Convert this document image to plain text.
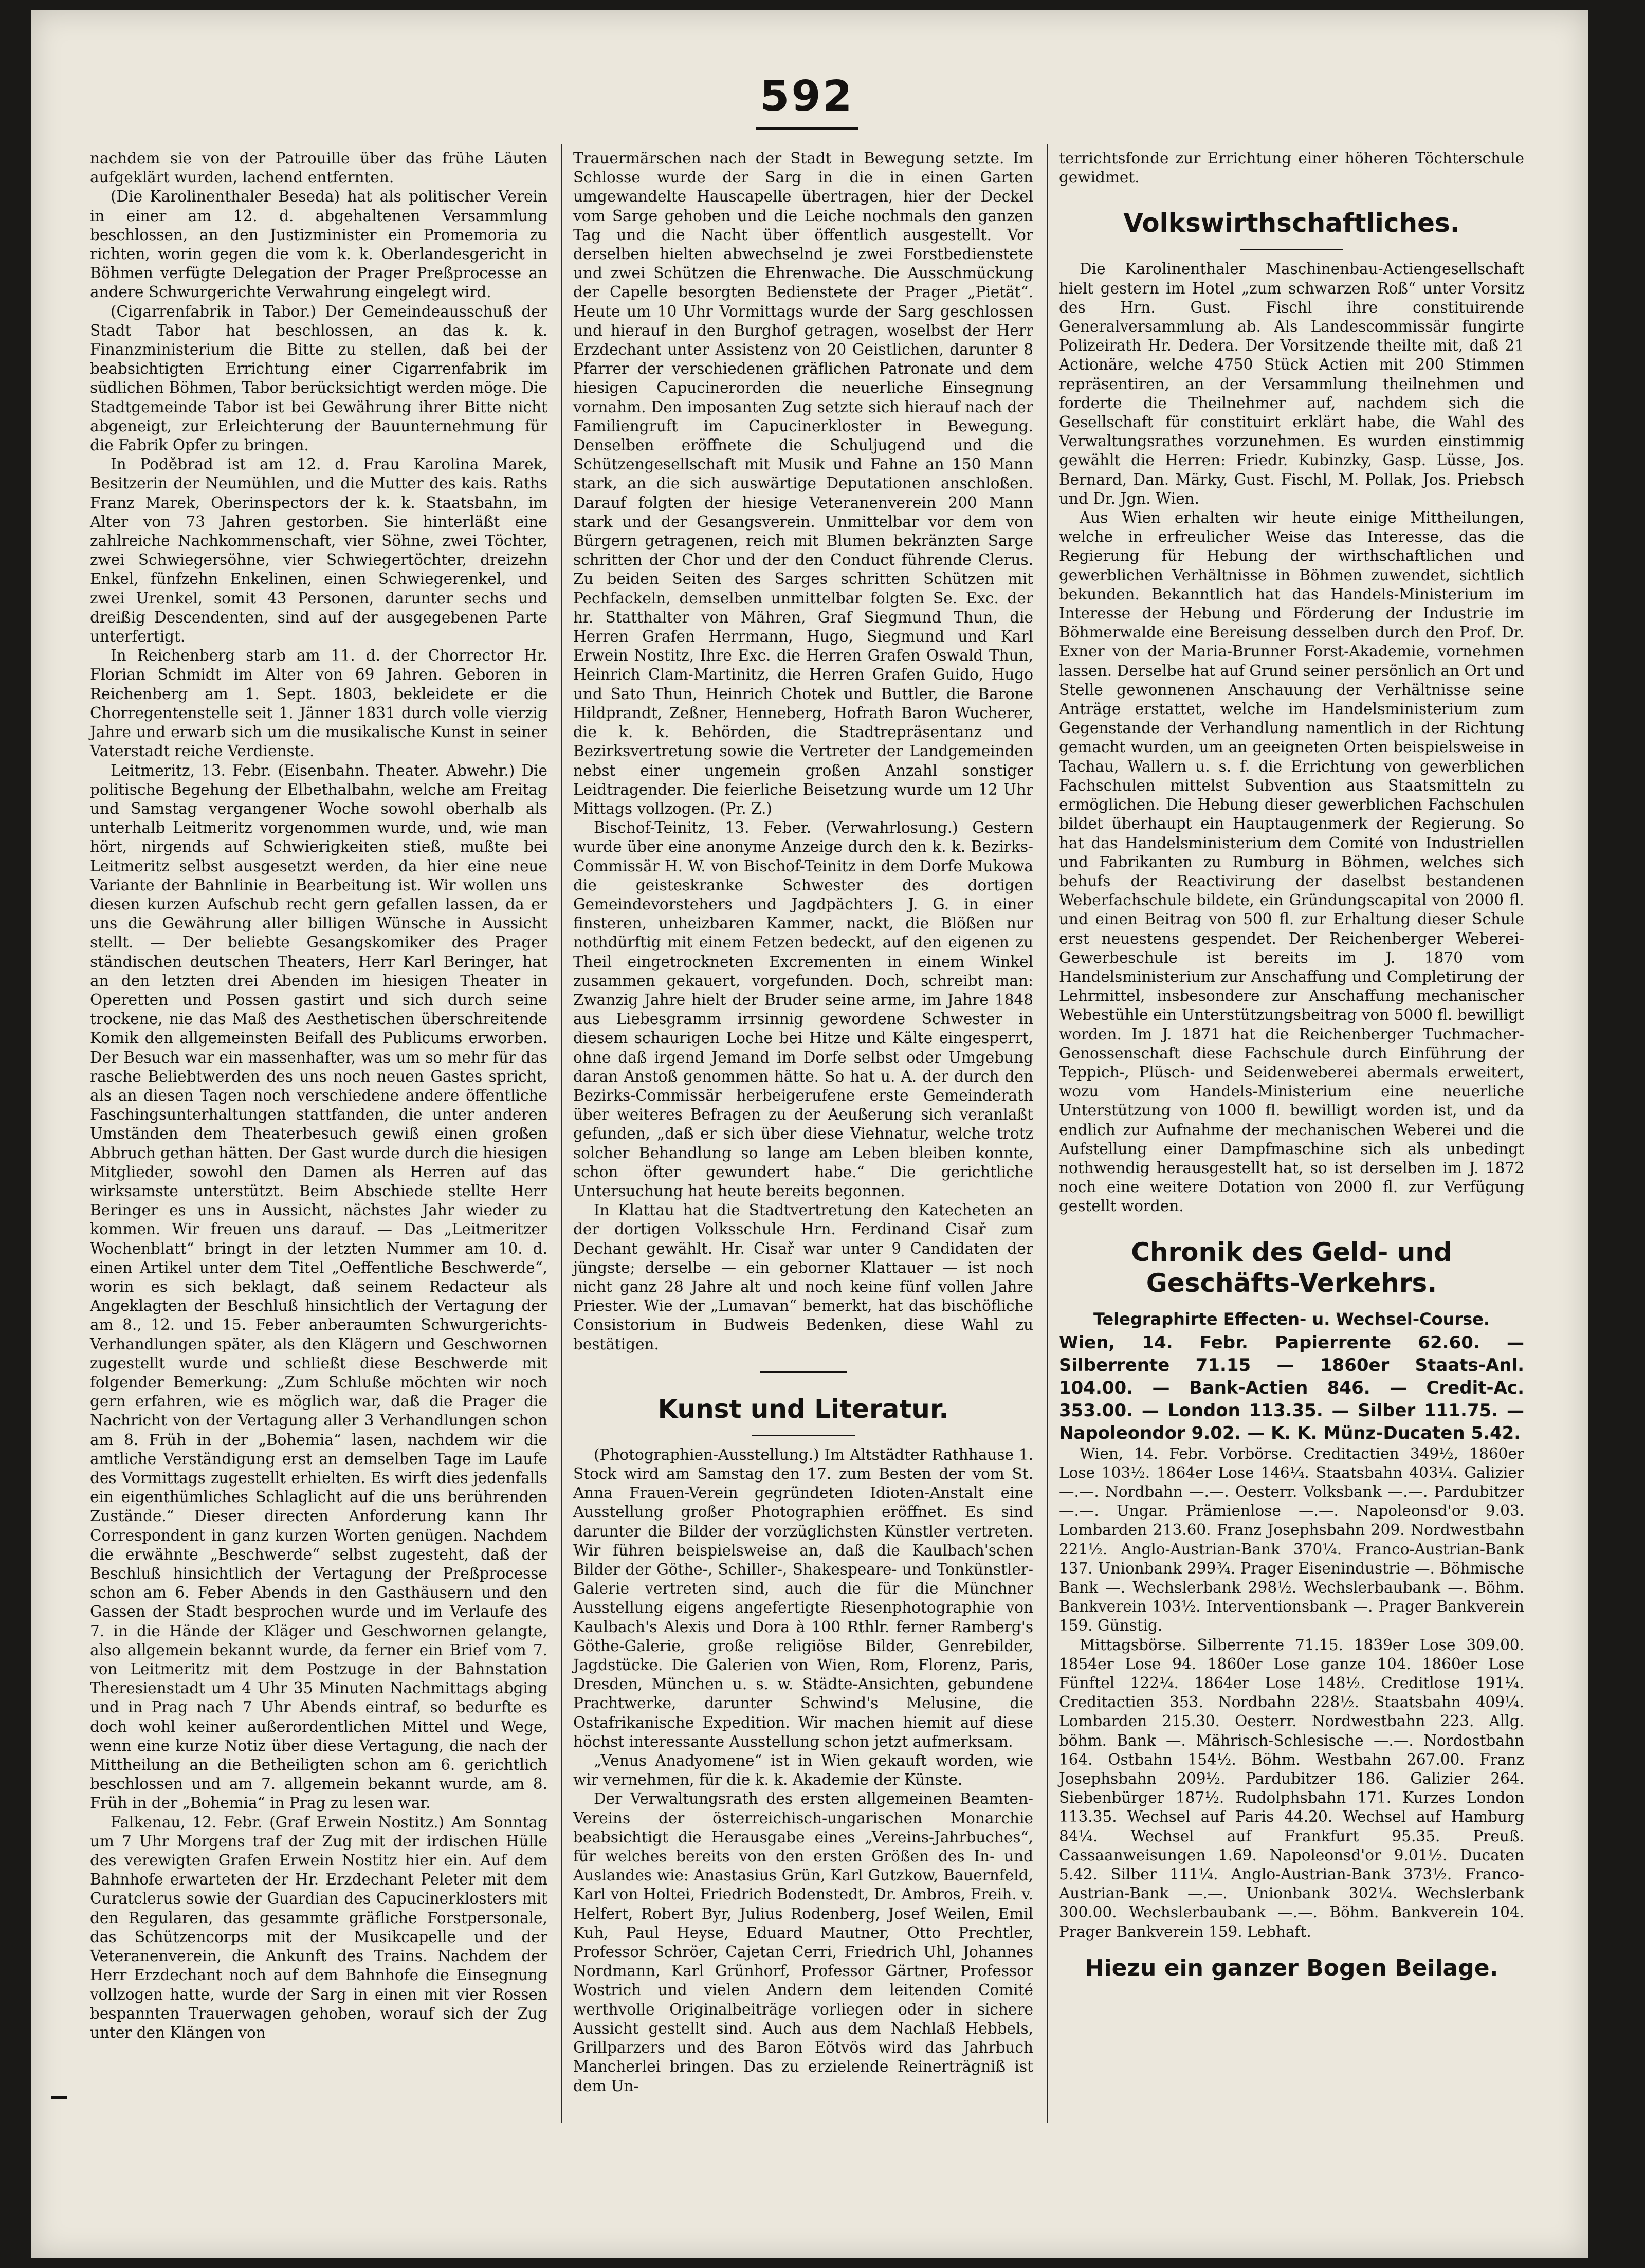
592

nachdem sie von der Patrouille über das frühe Läuten aufgeklärt wurden, lachend entfernten.

(Die Karolinenthaler Beseda) hat als politischer Verein in einer am 12. d. abgehaltenen Versammlung beschlossen, an den Justizminister ein Promemoria zu richten, worin gegen die vom k. k. Oberlandesgericht in Böhmen verfügte Delegation der Prager Preßprocesse an andere Schwurgerichte Verwahrung eingelegt wird.

(Cigarrenfabrik in Tabor.) Der Gemeindeausschuß der Stadt Tabor hat beschlossen, an das k. k. Finanzministerium die Bitte zu stellen, daß bei der beabsichtigten Errichtung einer Cigarrenfabrik im südlichen Böhmen, Tabor berücksichtigt werden möge. Die Stadtgemeinde Tabor ist bei Gewährung ihrer Bitte nicht abgeneigt, zur Erleichterung der Bauunternehmung für die Fabrik Opfer zu bringen.

In Poděbrad ist am 12. d. Frau Karolina Marek, Besitzerin der Neumühlen, und die Mutter des kais. Raths Franz Marek, Oberinspectors der k. k. Staatsbahn, im Alter von 73 Jahren gestorben. Sie hinterläßt eine zahlreiche Nachkommenschaft, vier Söhne, zwei Töchter, zwei Schwiegersöhne, vier Schwiegertöchter, dreizehn Enkel, fünfzehn Enkelinen, einen Schwiegerenkel, und zwei Urenkel, somit 43 Personen, darunter sechs und dreißig Descendenten, sind auf der ausgegebenen Parte unterfertigt.

In Reichenberg starb am 11. d. der Chorrector Hr. Florian Schmidt im Alter von 69 Jahren. Geboren in Reichenberg am 1. Sept. 1803, bekleidete er die Chorregentenstelle seit 1. Jänner 1831 durch volle vierzig Jahre und erwarb sich um die musikalische Kunst in seiner Vaterstadt reiche Verdienste.

Leitmeritz, 13. Febr. (Eisenbahn. Theater. Abwehr.) Die politische Begehung der Elbethalbahn, welche am Freitag und Samstag vergangener Woche sowohl oberhalb als unterhalb Leitmeritz vorgenommen wurde, und, wie man hört, nirgends auf Schwierigkeiten stieß, mußte bei Leitmeritz selbst ausgesetzt werden, da hier eine neue Variante der Bahnlinie in Bearbeitung ist. Wir wollen uns diesen kurzen Aufschub recht gern gefallen lassen, da er uns die Gewährung aller billigen Wünsche in Aussicht stellt. — Der beliebte Gesangskomiker des Prager ständischen deutschen Theaters, Herr Karl Beringer, hat an den letzten drei Abenden im hiesigen Theater in Operetten und Possen gastirt und sich durch seine trockene, nie das Maß des Aesthetischen überschreitende Komik den allgemeinsten Beifall des Publicums erworben. Der Besuch war ein massenhafter, was um so mehr für das rasche Beliebtwerden des uns noch neuen Gastes spricht, als an diesen Tagen noch verschiedene andere öffentliche Faschingsunterhaltungen stattfanden, die unter anderen Umständen dem Theaterbesuch gewiß einen großen Abbruch gethan hätten. Der Gast wurde durch die hiesigen Mitglieder, sowohl den Damen als Herren auf das wirksamste unterstützt. Beim Abschiede stellte Herr Beringer es uns in Aussicht, nächstes Jahr wieder zu kommen. Wir freuen uns darauf. — Das „Leitmeritzer Wochenblatt“ bringt in der letzten Nummer am 10. d. einen Artikel unter dem Titel „Oeffentliche Beschwerde“, worin es sich beklagt, daß seinem Redacteur als Angeklagten der Beschluß hinsichtlich der Vertagung der am 8., 12. und 15. Feber anberaumten Schwurgerichts-Verhandlungen später, als den Klägern und Geschwornen zugestellt wurde und schließt diese Beschwerde mit folgender Bemerkung: „Zum Schluße möchten wir noch gern erfahren, wie es möglich war, daß die Prager die Nachricht von der Vertagung aller 3 Verhandlungen schon am 8. Früh in der „Bohemia“ lasen, nachdem wir die amtliche Verständigung erst an demselben Tage im Laufe des Vormittags zugestellt erhielten. Es wirft dies jedenfalls ein eigenthümliches Schlaglicht auf die uns berührenden Zustände.“ Dieser directen Anforderung kann Ihr Correspondent in ganz kurzen Worten genügen. Nachdem die erwähnte „Beschwerde“ selbst zugesteht, daß der Beschluß hinsichtlich der Vertagung der Preßprocesse schon am 6. Feber Abends in den Gasthäusern und den Gassen der Stadt besprochen wurde und im Verlaufe des 7. in die Hände der Kläger und Geschwornen gelangte, also allgemein bekannt wurde, da ferner ein Brief vom 7. von Leitmeritz mit dem Postzuge in der Bahnstation Theresienstadt um 4 Uhr 35 Minuten Nachmittags abging und in Prag nach 7 Uhr Abends eintraf, so bedurfte es doch wohl keiner außerordentlichen Mittel und Wege, wenn eine kurze Notiz über diese Vertagung, die nach der Mittheilung an die Betheiligten schon am 6. gerichtlich beschlossen und am 7. allgemein bekannt wurde, am 8. Früh in der „Bohemia“ in Prag zu lesen war.

Falkenau, 12. Febr. (Graf Erwein Nostitz.) Am Sonntag um 7 Uhr Morgens traf der Zug mit der irdischen Hülle des verewigten Grafen Erwein Nostitz hier ein. Auf dem Bahnhofe erwarteten der Hr. Erzdechant Peleter mit dem Curatclerus sowie der Guardian des Capucinerklosters mit den Regularen, das gesammte gräfliche Forstpersonale, das Schützencorps mit der Musikcapelle und der Veteranenverein, die Ankunft des Trains. Nachdem der Herr Erzdechant noch auf dem Bahnhofe die Einsegnung vollzogen hatte, wurde der Sarg in einen mit vier Rossen bespannten Trauerwagen gehoben, worauf sich der Zug unter den Klängen von

Trauermärschen nach der Stadt in Bewegung setzte. Im Schlosse wurde der Sarg in die in einen Garten umgewandelte Hauscapelle übertragen, hier der Deckel vom Sarge gehoben und die Leiche nochmals den ganzen Tag und die Nacht über öffentlich ausgestellt. Vor derselben hielten abwechselnd je zwei Forstbedienstete und zwei Schützen die Ehrenwache. Die Ausschmückung der Capelle besorgten Bedienstete der Prager „Pietät“. Heute um 10 Uhr Vormittags wurde der Sarg geschlossen und hierauf in den Burghof getragen, woselbst der Herr Erzdechant unter Assistenz von 20 Geistlichen, darunter 8 Pfarrer der verschiedenen gräflichen Patronate und dem hiesigen Capucinerorden die neuerliche Einsegnung vornahm. Den imposanten Zug setzte sich hierauf nach der Familiengruft im Capucinerkloster in Bewegung. Denselben eröffnete die Schuljugend und die Schützengesellschaft mit Musik und Fahne an 150 Mann stark, an die sich auswärtige Deputationen anschloßen. Darauf folgten der hiesige Veteranenverein 200 Mann stark und der Gesangsverein. Unmittelbar vor dem von Bürgern getragenen, reich mit Blumen bekränzten Sarge schritten der Chor und der den Conduct führende Clerus. Zu beiden Seiten des Sarges schritten Schützen mit Pechfackeln, demselben unmittelbar folgten Se. Exc. der hr. Statthalter von Mähren, Graf Siegmund Thun, die Herren Grafen Herrmann, Hugo, Siegmund und Karl Erwein Nostitz, Ihre Exc. die Herren Grafen Oswald Thun, Heinrich Clam-Martinitz, die Herren Grafen Guido, Hugo und Sato Thun, Heinrich Chotek und Buttler, die Barone Hildprandt, Zeßner, Henneberg, Hofrath Baron Wucherer, die k. k. Behörden, die Stadtrepräsentanz und Bezirksvertretung sowie die Vertreter der Landgemeinden nebst einer ungemein großen Anzahl sonstiger Leidtragender. Die feierliche Beisetzung wurde um 12 Uhr Mittags vollzogen. (Pr. Z.)

Bischof-Teinitz, 13. Feber. (Verwahrlosung.) Gestern wurde über eine anonyme Anzeige durch den k. k. Bezirks-Commissär H. W. von Bischof-Teinitz in dem Dorfe Mukowa die geisteskranke Schwester des dortigen Gemeindevorstehers und Jagdpächters J. G. in einer finsteren, unheizbaren Kammer, nackt, die Blößen nur nothdürftig mit einem Fetzen bedeckt, auf den eigenen zu Theil eingetrockneten Excrementen in einem Winkel zusammen gekauert, vorgefunden. Doch, schreibt man: Zwanzig Jahre hielt der Bruder seine arme, im Jahre 1848 aus Liebesgramm irrsinnig gewordene Schwester in diesem schaurigen Loche bei Hitze und Kälte eingesperrt, ohne daß irgend Jemand im Dorfe selbst oder Umgebung daran Anstoß genommen hätte. So hat u. A. der durch den Bezirks-Commissär herbeigerufene erste Gemeinderath über weiteres Befragen zu der Aeußerung sich veranlaßt gefunden, „daß er sich über diese Viehnatur, welche trotz solcher Behandlung so lange am Leben bleiben konnte, schon öfter gewundert habe.“ Die gerichtliche Untersuchung hat heute bereits begonnen.

In Klattau hat die Stadtvertretung den Katecheten an der dortigen Volksschule Hrn. Ferdinand Cisař zum Dechant gewählt. Hr. Cisař war unter 9 Candidaten der jüngste; derselbe — ein geborner Klattauer — ist noch nicht ganz 28 Jahre alt und noch keine fünf vollen Jahre Priester. Wie der „Lumavan“ bemerkt, hat das bischöfliche Consistorium in Budweis Bedenken, diese Wahl zu bestätigen.

Kunst und Literatur.

(Photographien-Ausstellung.) Im Altstädter Rathhause 1. Stock wird am Samstag den 17. zum Besten der vom St. Anna Frauen-Verein gegründeten Idioten-Anstalt eine Ausstellung großer Photographien eröffnet. Es sind darunter die Bilder der vorzüglichsten Künstler vertreten. Wir führen beispielsweise an, daß die Kaulbach'schen Bilder der Göthe-, Schiller-, Shakespeare- und Tonkünstler-Galerie vertreten sind, auch die für die Münchner Ausstellung eigens angefertigte Riesenphotographie von Kaulbach's Alexis und Dora à 100 Rthlr. ferner Ramberg's Göthe-Galerie, große religiöse Bilder, Genrebilder, Jagdstücke. Die Galerien von Wien, Rom, Florenz, Paris, Dresden, München u. s. w. Städte-Ansichten, gebundene Prachtwerke, darunter Schwind's Melusine, die Ostafrikanische Expedition. Wir machen hiemit auf diese höchst interessante Ausstellung schon jetzt aufmerksam.

„Venus Anadyomene“ ist in Wien gekauft worden, wie wir vernehmen, für die k. k. Akademie der Künste.

Der Verwaltungsrath des ersten allgemeinen Beamten-Vereins der österreichisch-ungarischen Monarchie beabsichtigt die Herausgabe eines „Vereins-Jahrbuches“, für welches bereits von den ersten Größen des In- und Auslandes wie: Anastasius Grün, Karl Gutzkow, Bauernfeld, Karl von Holtei, Friedrich Bodenstedt, Dr. Ambros, Freih. v. Helfert, Robert Byr, Julius Rodenberg, Josef Weilen, Emil Kuh, Paul Heyse, Eduard Mautner, Otto Prechtler, Professor Schröer, Cajetan Cerri, Friedrich Uhl, Johannes Nordmann, Karl Grünhorf, Professor Gärtner, Professor Wostrich und vielen Andern dem leitenden Comité werthvolle Originalbeiträge vorliegen oder in sichere Aussicht gestellt sind. Auch aus dem Nachlaß Hebbels, Grillparzers und des Baron Eötvös wird das Jahrbuch Mancherlei bringen. Das zu erzielende Reinerträgniß ist dem Un-

terrichtsfonde zur Errichtung einer höheren Töchterschule gewidmet.

Volkswirthschaftliches.

Die Karolinenthaler Maschinenbau-Actiengesellschaft hielt gestern im Hotel „zum schwarzen Roß“ unter Vorsitz des Hrn. Gust. Fischl ihre constituirende Generalversammlung ab. Als Landescommissär fungirte Polizeirath Hr. Dedera. Der Vorsitzende theilte mit, daß 21 Actionäre, welche 4750 Stück Actien mit 200 Stimmen repräsentiren, an der Versammlung theilnehmen und forderte die Theilnehmer auf, nachdem sich die Gesellschaft für constituirt erklärt habe, die Wahl des Verwaltungsrathes vorzunehmen. Es wurden einstimmig gewählt die Herren: Friedr. Kubinzky, Gasp. Lüsse, Jos. Bernard, Dan. Märky, Gust. Fischl, M. Pollak, Jos. Priebsch und Dr. Jgn. Wien.

Aus Wien erhalten wir heute einige Mittheilungen, welche in erfreulicher Weise das Interesse, das die Regierung für Hebung der wirthschaftlichen und gewerblichen Verhältnisse in Böhmen zuwendet, sichtlich bekunden. Bekanntlich hat das Handels-Ministerium im Interesse der Hebung und Förderung der Industrie im Böhmerwalde eine Bereisung desselben durch den Prof. Dr. Exner von der Maria-Brunner Forst-Akademie, vornehmen lassen. Derselbe hat auf Grund seiner persönlich an Ort und Stelle gewonnenen Anschauung der Verhältnisse seine Anträge erstattet, welche im Handelsministerium zum Gegenstande der Verhandlung namentlich in der Richtung gemacht wurden, um an geeigneten Orten beispielsweise in Tachau, Wallern u. s. f. die Errichtung von gewerblichen Fachschulen mittelst Subvention aus Staatsmitteln zu ermöglichen. Die Hebung dieser gewerblichen Fachschulen bildet überhaupt ein Hauptaugenmerk der Regierung. So hat das Handelsministerium dem Comité von Industriellen und Fabrikanten zu Rumburg in Böhmen, welches sich behufs der Reactivirung der daselbst bestandenen Weberfachschule bildete, ein Gründungscapital von 2000 fl. und einen Beitrag von 500 fl. zur Erhaltung dieser Schule erst neuestens gespendet. Der Reichenberger Weberei-Gewerbeschule ist bereits im J. 1870 vom Handelsministerium zur Anschaffung und Completirung der Lehrmittel, insbesondere zur Anschaffung mechanischer Webestühle ein Unterstützungsbeitrag von 5000 fl. bewilligt worden. Im J. 1871 hat die Reichenberger Tuchmacher-Genossenschaft diese Fachschule durch Einführung der Teppich-, Plüsch- und Seidenweberei abermals erweitert, wozu vom Handels-Ministerium eine neuerliche Unterstützung von 1000 fl. bewilligt worden ist, und da endlich zur Aufnahme der mechanischen Weberei und die Aufstellung einer Dampfmaschine sich als unbedingt nothwendig herausgestellt hat, so ist derselben im J. 1872 noch eine weitere Dotation von 2000 fl. zur Verfügung gestellt worden.

Chronik des Geld- und Geschäfts-Verkehrs.
Telegraphirte Effecten- u. Wechsel-Course.

Wien, 14. Febr. Papierrente 62.60. — Silberrente 71.15 — 1860er Staats-Anl. 104.00. — Bank-Actien 846. — Credit-Ac. 353.00. — London 113.35. — Silber 111.75. — Napoleondor 9.02. — K. K. Münz-Ducaten 5.42.

Wien, 14. Febr. Vorbörse. Creditactien 349½, 1860er Lose 103½. 1864er Lose 146¼. Staatsbahn 403¼. Galizier —.—. Nordbahn —.—. Oesterr. Volksbank —.—. Pardubitzer —.—. Ungar. Prämienlose —.—. Napoleonsd'or 9.03. Lombarden 213.60. Franz Josephsbahn 209. Nordwestbahn 221½. Anglo-Austrian-Bank 370¼. Franco-Austrian-Bank 137. Unionbank 299¾. Prager Eisenindustrie —. Böhmische Bank —. Wechslerbank 298½. Wechslerbaubank —. Böhm. Bankverein 103½. Interventionsbank —. Prager Bankverein 159. Günstig.

Mittagsbörse. Silberrente 71.15. 1839er Lose 309.00. 1854er Lose 94. 1860er Lose ganze 104. 1860er Lose Fünftel 122¼. 1864er Lose 148½. Creditlose 191¼. Creditactien 353. Nordbahn 228½. Staatsbahn 409¼. Lombarden 215.30. Oesterr. Nordwestbahn 223. Allg. böhm. Bank —. Mährisch-Schlesische —.—. Nordostbahn 164. Ostbahn 154½. Böhm. Westbahn 267.00. Franz Josephsbahn 209½. Pardubitzer 186. Galizier 264. Siebenbürger 187½. Rudolphsbahn 171. Kurzes London 113.35. Wechsel auf Paris 44.20. Wechsel auf Hamburg 84¼. Wechsel auf Frankfurt 95.35. Preuß. Cassaanweisungen 1.69. Napoleonsd'or 9.01½. Ducaten 5.42. Silber 111¼. Anglo-Austrian-Bank 373½. Franco-Austrian-Bank —.—. Unionbank 302¼. Wechslerbank 300.00. Wechslerbaubank —.—. Böhm. Bankverein 104. Prager Bankverein 159. Lebhaft.

Hiezu ein ganzer Bogen Beilage.
